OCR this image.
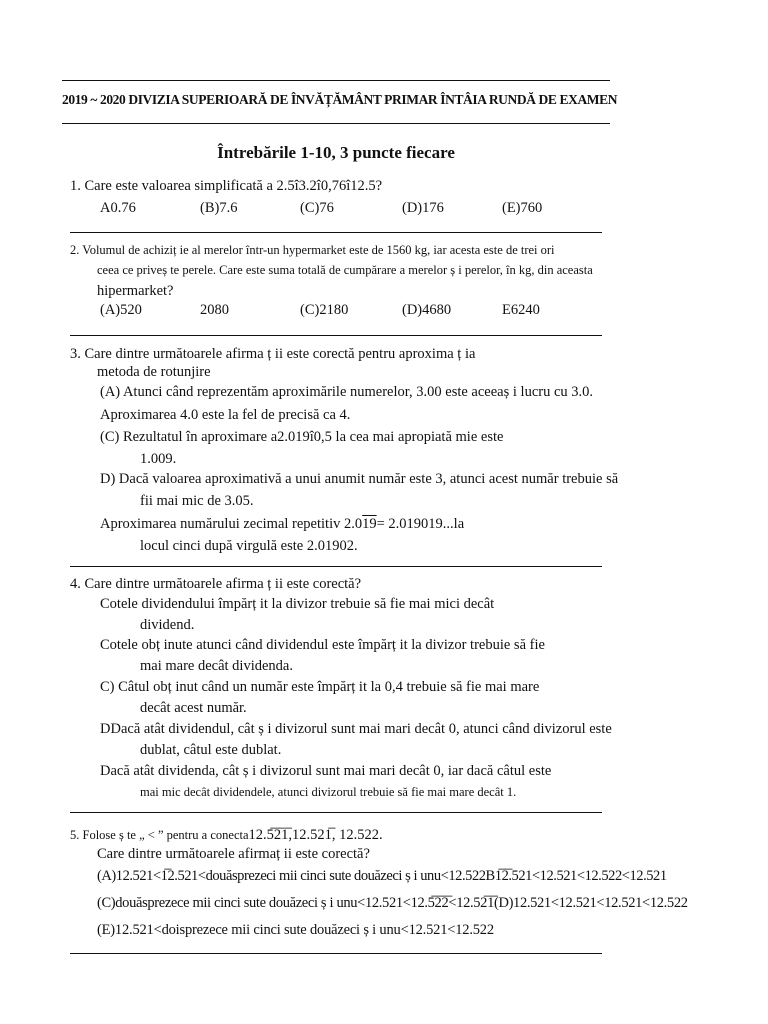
2019 ~ 2020 DIVIZIA SUPERIOARĂ DE ÎNVĂȚĂMÂNT PRIMAR ÎNTÂIA RUNDĂ DE EXAMEN
Întrebările 1-10, 3 puncte fiecare
1. Care este valoarea simplificată a 2.5î3.2î0,76î12.5?
A0.76	(B)7.6	(C)76	(D)176	(E)760
2. Volumul de achiziț ie al merelor într-un hypermarket este de 1560 kg, iar acesta este de trei ori
ceea ce priveș te perele. Care este suma totală de cumpărare a merelor ș i perelor, în kg, din aceasta
hipermarket?
(A)520	2080	(C)2180	(D)4680	E6240
3. Care dintre următoarele afirma ț ii este corectă pentru aproxima ț ia
metoda de rotunjire
(A) Atunci când reprezentăm aproximările numerelor, 3.00 este aceeaș i lucru cu 3.0.
Aproximarea 4.0 este la fel de precisă ca 4.
(C) Rezultatul în aproximare a2.019î0,5 la cea mai apropiată mie este
1.009.
D) Dacă valoarea aproximativă a unui anumit număr este 3, atunci acest număr trebuie să
fii mai mic de 3.05.
Aproximarea numărului zecimal repetitiv 2.019= 2.019019...la
locul cinci după virgulă este 2.01902.
4. Care dintre următoarele afirma ț ii este corectă?
Cotele dividendului împărț it la divizor trebuie să fie mai mici decât
dividend.
Cotele obț inute atunci când dividendul este împărț it la divizor trebuie să fie
mai mare decât dividenda.
C) Câtul obț inut când un număr este împărț it la 0,4 trebuie să fie mai mare
decât acest număr.
DDacă atât dividendul, cât ș i divizorul sunt mai mari decât 0, atunci când divizorul este
dublat, câtul este dublat.
Dacă atât dividenda, cât ș i divizorul sunt mai mari decât 0, iar dacă câtul este
mai mic decât dividendele, atunci divizorul trebuie să fie mai mare decât 1.
5. Folose ș te „ < ” pentru a conecta12.5̅2̅1̅,12.521̅, 12.522.
Care dintre următoarele afirmaț ii este corectă?
(A)12.521<1̅2.521<douăsprezeci mii cinci sute douăzeci ș i unu<12.522B1̅2̅.521<12.521<12.522<12.521
(C)douăsprezece mii cinci sute douăzeci ș i unu<12.521<12.5̅2̅2̅<12.52̅1̅(D)12.521<12.521<12.521<12.522
(E)12.521<doisprezece mii cinci sute douăzeci ș i unu<12.521<12.522
